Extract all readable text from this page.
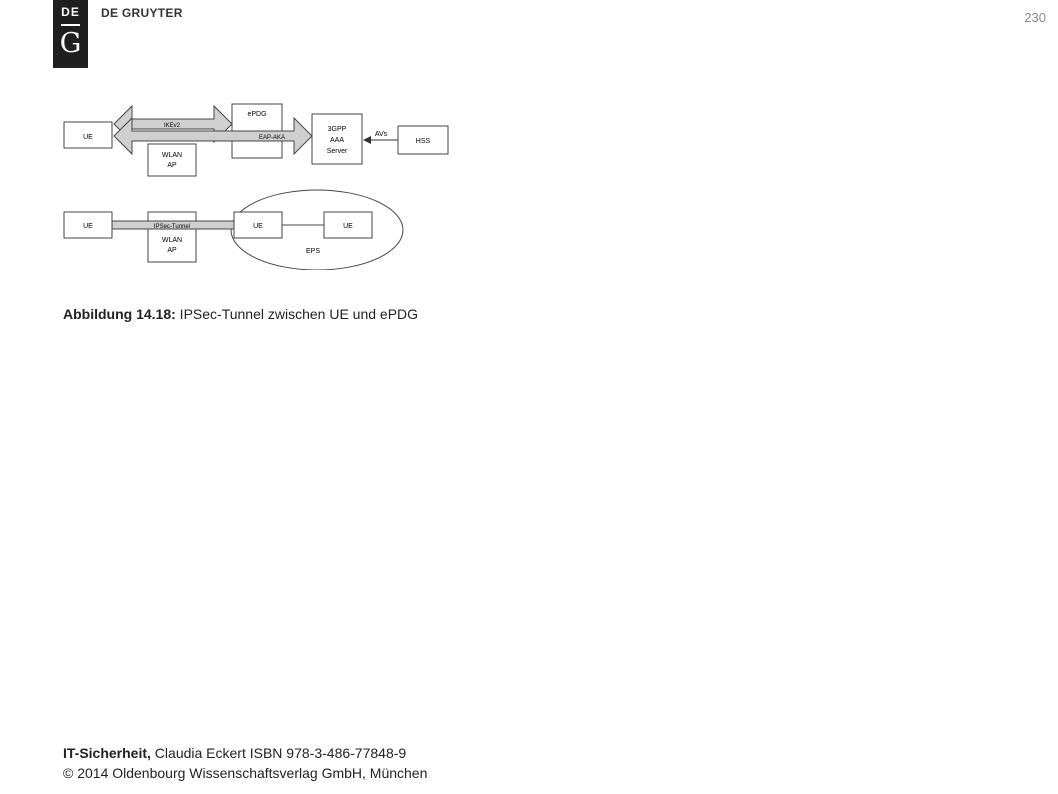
DE
G
DE GRUYTER	230
UE
WLAN
AP
ePDG
IKEv2
EAP-AKA
3GPP
AAA
Server
AVs
HSS
EPS
UE
WLAN
AP
IPSec-Tunnel	UE	UE
Abbildung 14.18: IPSec-Tunnel zwischen UE und ePDG
IT-Sicherheit, Claudia Eckert ISBN 978-3-486-77848-9
© 2014 Oldenbourg Wissenschaftsverlag GmbH, München
